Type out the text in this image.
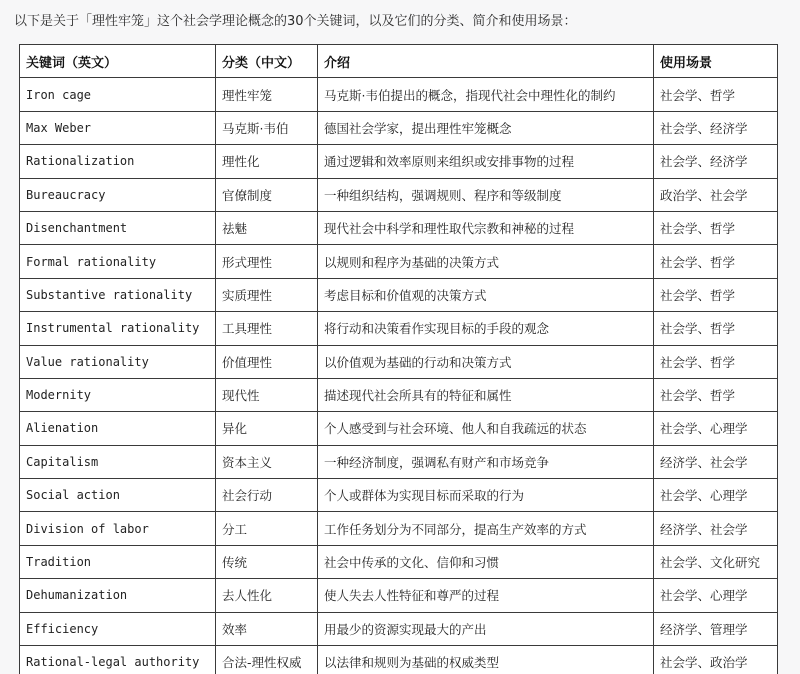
以下是关于「理性牢笼」这个社会学理论概念的30个关键词，以及它们的分类、简介和使用场景：
关键词（英文）	分类（中文）	介绍	使用场景
Iron cage	理性牢笼	马克斯·韦伯提出的概念，指现代社会中理性化的制约	社会学、哲学
Max Weber	马克斯·韦伯	德国社会学家，提出理性牢笼概念	社会学、经济学
Rationalization	理性化	通过逻辑和效率原则来组织或安排事物的过程	社会学、经济学
Bureaucracy	官僚制度	一种组织结构，强调规则、程序和等级制度	政治学、社会学
Disenchantment	祛魅	现代社会中科学和理性取代宗教和神秘的过程	社会学、哲学
Formal rationality	形式理性	以规则和程序为基础的决策方式	社会学、哲学
Substantive rationality	实质理性	考虑目标和价值观的决策方式	社会学、哲学
Instrumental rationality	工具理性	将行动和决策看作实现目标的手段的观念	社会学、哲学
Value rationality	价值理性	以价值观为基础的行动和决策方式	社会学、哲学
Modernity	现代性	描述现代社会所具有的特征和属性	社会学、哲学
Alienation	异化	个人感受到与社会环境、他人和自我疏远的状态	社会学、心理学
Capitalism	资本主义	一种经济制度，强调私有财产和市场竞争	经济学、社会学
Social action	社会行动	个人或群体为实现目标而采取的行为	社会学、心理学
Division of labor	分工	工作任务划分为不同部分，提高生产效率的方式	经济学、社会学
Tradition	传统	社会中传承的文化、信仰和习惯	社会学、文化研究
Dehumanization	去人性化	使人失去人性特征和尊严的过程	社会学、心理学
Efficiency	效率	用最少的资源实现最大的产出	经济学、管理学
Rational-legal authority	合法-理性权威	以法律和规则为基础的权威类型	社会学、政治学
